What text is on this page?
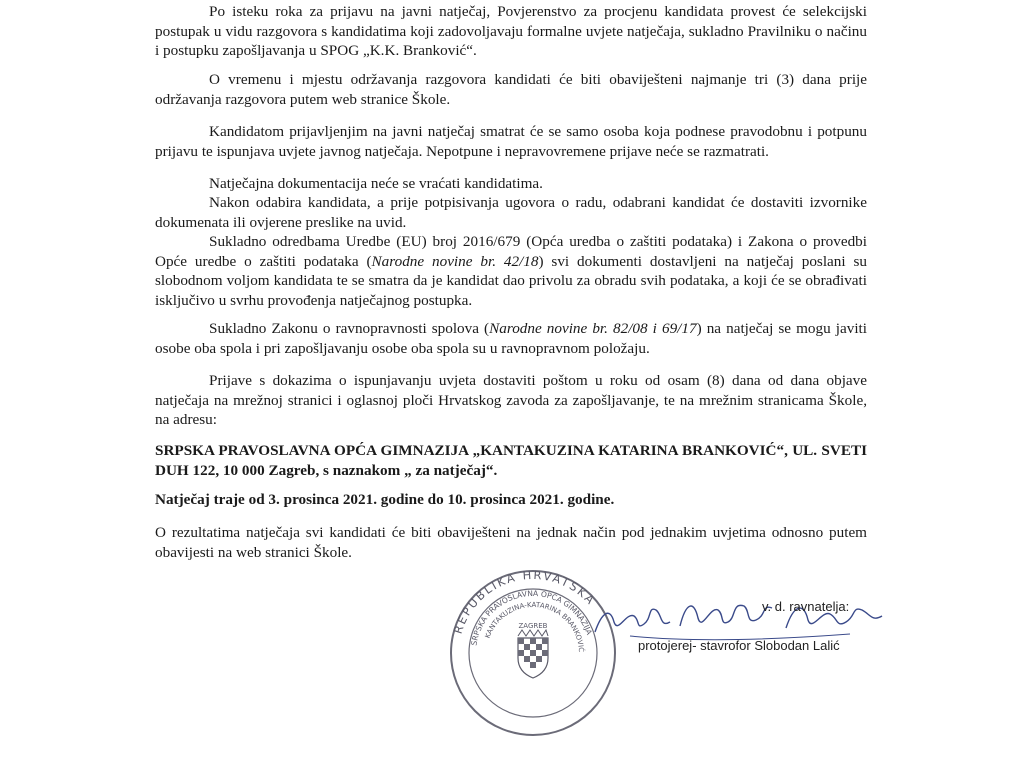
Po isteku roka za prijavu na javni natječaj, Povjerenstvo za procjenu kandidata provest će selekcijski postupak u vidu razgovora s kandidatima koji zadovoljavaju formalne uvjete natječaja, sukladno Pravilniku o načinu i postupku zapošljavanja u SPOG „K.K. Branković“.

O vremenu i mjestu održavanja razgovora kandidati će biti obaviješteni najmanje tri (3) dana prije održavanja razgovora putem web stranice Škole.

Kandidatom prijavljenjim na javni natječaj smatrat će se samo osoba koja podnese pravodobnu i potpunu prijavu te ispunjava uvjete javnog natječaja. Nepotpune i nepravovremene prijave neće se razmatrati.

Natječajna dokumentacija neće se vraćati kandidatima.

Nakon odabira kandidata, a prije potpisivanja ugovora o radu, odabrani kandidat će dostaviti izvornike dokumenata ili ovjerene preslike na uvid.

Sukladno odredbama Uredbe (EU) broj 2016/679 (Opća uredba o zaštiti podataka) i Zakona o provedbi Opće uredbe o zaštiti podataka (Narodne novine br. 42/18) svi dokumenti dostavljeni na natječaj poslani su slobodnom voljom kandidata te se smatra da je kandidat dao privolu za obradu svih podataka, a koji će se obrađivati isključivo u svrhu provođenja natječajnog postupka.

Sukladno Zakonu o ravnopravnosti spolova (Narodne novine br. 82/08 i 69/17) na natječaj se mogu javiti osobe oba spola i pri zapošljavanju osobe oba spola su u ravnopravnom položaju.

Prijave s dokazima o ispunjavanju uvjeta dostaviti poštom u roku od osam (8) dana od dana objave natječaja na mrežnoj stranici i oglasnoj ploči Hrvatskog zavoda za zapošljavanje, te na mrežnim stranicama Škole, na adresu:

SRPSKA PRAVOSLAVNA OPĆA GIMNAZIJA „KANTAKUZINA KATARINA BRANKOVIĆ“, UL. SVETI DUH 122, 10 000 Zagreb, s naznakom „ za natječaj“.

Natječaj traje od 3. prosinca 2021. godine do 10. prosinca 2021. godine.

O rezultatima natječaja svi kandidati će biti obaviješteni na jednak način pod jednakim uvjetima odnosno putem obavijesti na web stranici Škole.

REPUBLIKA HRVATSKA
SRPSKA PRAVOSLAVNA OPĆA GIMNAZIJA
KANTAKUZINA-KATARINA BRANKOVIĆ
ZAGREB
v. d. ravnatelja:
protojerej- stavrofor Slobodan Lalić
